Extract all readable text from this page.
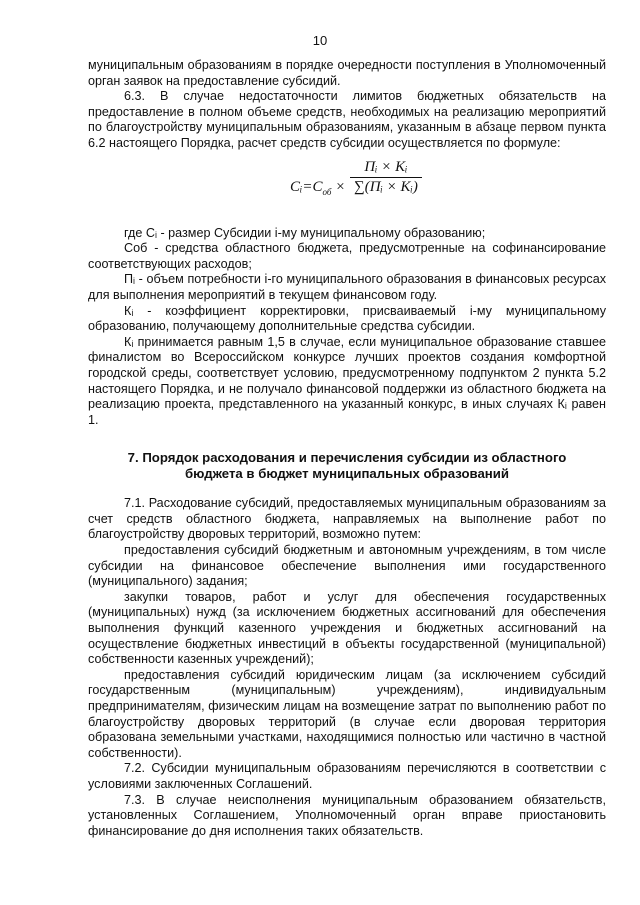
10

муниципальным образованиям в порядке очередности поступления в Уполномоченный орган заявок на предоставление субсидий.

6.3. В случае недостаточности лимитов бюджетных обязательств на предоставление в полном объеме средств, необходимых на реализацию мероприятий по благоустройству муниципальным образованиям, указанным в абзаце первом пункта 6.2 настоящего Порядка, расчет средств субсидии осуществляется по формуле:

$Cᵢ=C_{об}$ ×
Пᵢ × Kᵢ
∑(Пᵢ × Kᵢ)

где Cᵢ - размер Субсидии i-му муниципальному образованию;

Cоб - средства областного бюджета, предусмотренные на софинансирование соответствующих расходов;

Пᵢ - объем потребности i-го муниципального образования в финансовых ресурсах для выполнения мероприятий в текущем финансовом году.

Кᵢ - коэффициент корректировки, присваиваемый i-му муниципальному образованию, получающему дополнительные средства субсидии.

Кᵢ принимается равным 1,5 в случае, если муниципальное образование ставшее финалистом во Всероссийском конкурсе лучших проектов создания комфортной городской среды, соответствует условию, предусмотренному подпунктом 2 пункта 5.2 настоящего Порядка, и не получало финансовой поддержки из областного бюджета на реализацию проекта, представленного на указанный конкурс, в иных случаях Кᵢ равен 1.

7. Порядок расходования и перечисления субсидии из областного
бюджета в бюджет муниципальных образований

7.1. Расходование субсидий, предоставляемых муниципальным образованиям за счет средств областного бюджета, направляемых на выполнение работ по благоустройству дворовых территорий, возможно путем:

предоставления субсидий бюджетным и автономным учреждениям, в том числе субсидии на финансовое обеспечение выполнения ими государственного (муниципального) задания;

закупки товаров, работ и услуг для обеспечения государственных (муниципальных) нужд (за исключением бюджетных ассигнований для обеспечения выполнения функций казенного учреждения и бюджетных ассигнований на осуществление бюджетных инвестиций в объекты государственной (муниципальной) собственности казенных учреждений);

предоставления субсидий юридическим лицам (за исключением субсидий государственным (муниципальным) учреждениям), индивидуальным предпринимателям, физическим лицам на возмещение затрат по выполнению работ по благоустройству дворовых территорий (в случае если дворовая территория образована земельными участками, находящимися полностью или частично в частной собственности).

7.2. Субсидии муниципальным образованиям перечисляются в соответствии с условиями заключенных Соглашений.

7.3. В случае неисполнения муниципальным образованием обязательств, установленных Соглашением, Уполномоченный орган вправе приостановить финансирование до дня исполнения таких обязательств.
